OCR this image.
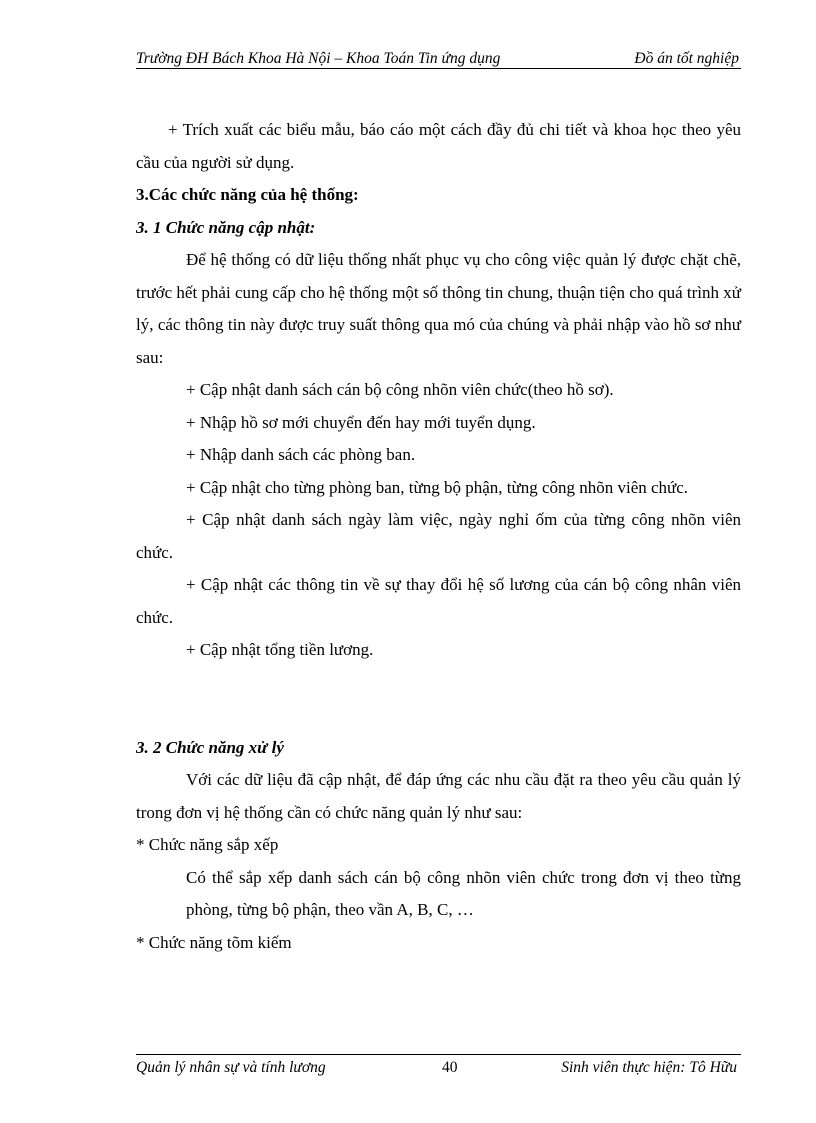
Trường ĐH Bách Khoa Hà Nội – Khoa Toán Tin ứng dụng	Đồ án tốt nghiệp

+ Trích xuất các biểu mẫu, báo cáo một cách đầy đủ chi tiết và khoa học theo yêu cầu của người sử dụng.

3.Các chức năng của hệ thống:

3. 1 Chức năng cập nhật:

Để hệ thống có dữ liệu thống nhất phục vụ cho công việc quản lý được chặt chẽ, trước hết phải cung cấp cho hệ thống một số thông tin chung, thuận tiện cho quá trình xử lý, các thông tin này được truy suất thông qua mó của chúng và phải nhập vào hồ sơ như sau:

+ Cập nhật danh sách cán bộ công nhõn viên chức(theo hồ sơ).

+ Nhập hồ sơ mới chuyển đến hay mới tuyển dụng.

+ Nhập danh sách các phòng ban.

+ Cập nhật cho từng phòng ban, từng bộ phận, từng công nhõn viên chức.

+ Cập nhật danh sách ngày làm việc, ngày nghỉ ốm của từng công nhõn viên chức.

+ Cập nhật các thông tin về sự thay đổi hệ số lương của cán bộ công nhân viên chức.

+ Cập nhật tổng tiền lương.

3. 2 Chức năng xử lý

Với các dữ liệu đã cập nhật, để đáp ứng các nhu cầu đặt ra theo yêu cầu quản lý trong đơn vị hệ thống cần có chức năng quản lý như sau:

* Chức năng sắp xếp

Có thể sắp xếp danh sách cán bộ công nhõn viên chức trong đơn vị theo từng phòng, từng bộ phận, theo vần A, B, C, …

* Chức năng tõm kiếm

Quản lý nhân sự và tính lương	40	Sinh viên thực hiện: Tô Hữu
